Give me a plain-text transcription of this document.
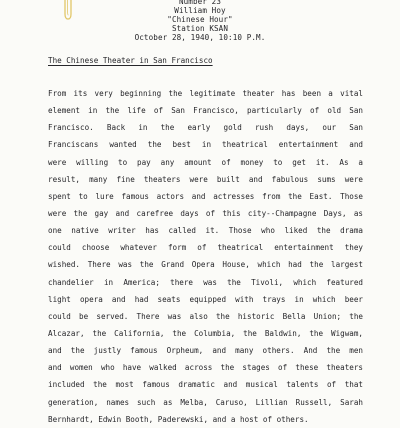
Number 23
William Hoy
"Chinese Hour"
Station KSAN
October 28, 1940, 10:10 P.M.
The Chinese Theater in San Francisco
From its very beginning the legitimate theater has been a vital
element in the life of San Francisco, particularly of old San
Francisco. Back in the early gold rush days, our San
Franciscans wanted the best in theatrical entertainment and
were willing to pay any amount of money to get it. As a
result, many fine theaters were built and fabulous sums were
spent to lure famous actors and actresses from the East. Those
were the gay and carefree days of this city--Champagne Days, as
one native writer has called it. Those who liked the drama
could choose whatever form of theatrical entertainment they
wished. There was the Grand Opera House, which had the largest
chandelier in America; there was the Tivoli, which featured
light opera and had seats equipped with trays in which beer
could be served. There was also the historic Bella Union; the
Alcazar, the California, the Columbia, the Baldwin, the Wigwam,
and the justly famous Orpheum, and many others. And the men
and women who have walked across the stages of these theaters
included the most famous dramatic and musical talents of that
generation, names such as Melba, Caruso, Lillian Russell, Sarah
Bernhardt, Edwin Booth, Paderewski, and a host of others.
